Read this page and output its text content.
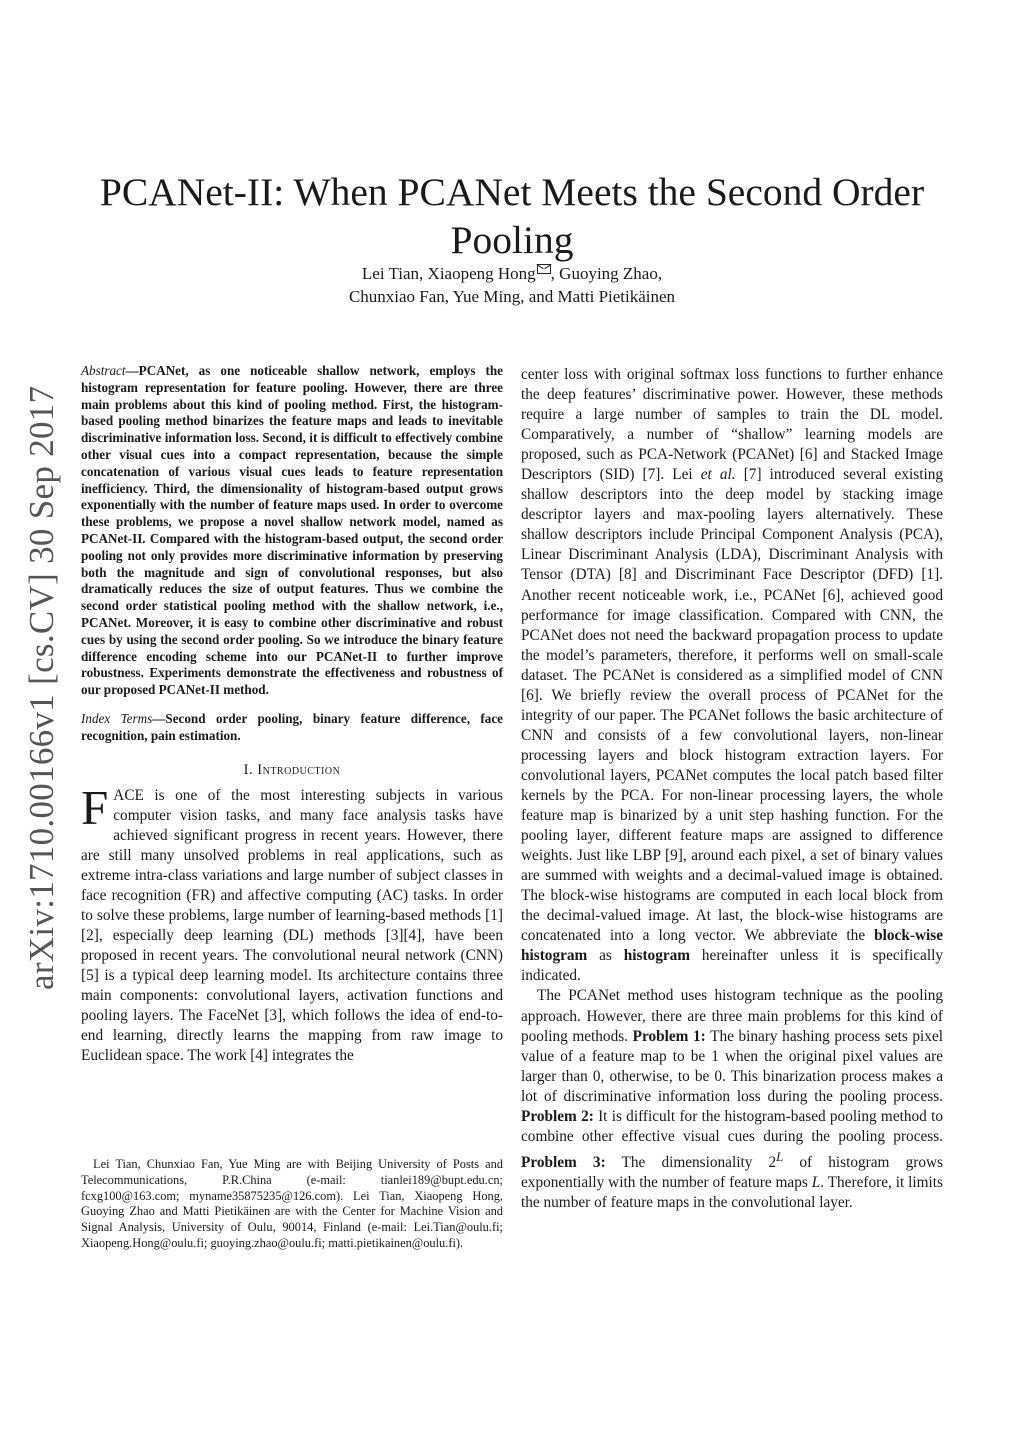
arXiv:1710.00166v1 [cs.CV] 30 Sep 2017
PCANet-II: When PCANet Meets the Second Order Pooling
Lei Tian, Xiaopeng Hong , Guoying Zhao,
Chunxiao Fan, Yue Ming, and Matti Pietikäinen

Abstract—PCANet, as one noticeable shallow network, employs the histogram representation for feature pooling. However, there are three main problems about this kind of pooling method. First, the histogram-based pooling method binarizes the feature maps and leads to inevitable discriminative information loss. Second, it is difficult to effectively combine other visual cues into a compact representation, because the simple concatenation of various visual cues leads to feature representation inefficiency. Third, the dimensionality of histogram-based output grows exponentially with the number of feature maps used. In order to overcome these problems, we propose a novel shallow network model, named as PCANet-II. Compared with the histogram-based output, the second order pooling not only provides more discriminative information by preserving both the magnitude and sign of convolutional responses, but also dramatically reduces the size of output features. Thus we combine the second order statistical pooling method with the shallow network, i.e., PCANet. Moreover, it is easy to combine other discriminative and robust cues by using the second order pooling. So we introduce the binary feature difference encoding scheme into our PCANet-II to further improve robustness. Experiments demonstrate the effectiveness and robustness of our proposed PCANet-II method.

Index Terms—Second order pooling, binary feature difference, face recognition, pain estimation.

I. Introduction

FACE is one of the most interesting subjects in various computer vision tasks, and many face analysis tasks have achieved significant progress in recent years. However, there are still many unsolved problems in real applications, such as extreme intra-class variations and large number of subject classes in face recognition (FR) and affective computing (AC) tasks. In order to solve these problems, large number of learning-based methods [1][2], especially deep learning (DL) methods [3][4], have been proposed in recent years. The convolutional neural network (CNN) [5] is a typical deep learning model. Its architecture contains three main components: convolutional layers, activation functions and pooling layers. The FaceNet [3], which follows the idea of end-to-end learning, directly learns the mapping from raw image to Euclidean space. The work [4] integrates the

Lei Tian, Chunxiao Fan, Yue Ming are with Beijing University of Posts and Telecommunications, P.R.China (e-mail: tianlei189@bupt.edu.cn; fcxg100@163.com; myname35875235@126.com). Lei Tian, Xiaopeng Hong, Guoying Zhao and Matti Pietikäinen are with the Center for Machine Vision and Signal Analysis, University of Oulu, 90014, Finland (e-mail: Lei.Tian@oulu.fi; Xiaopeng.Hong@oulu.fi; guoying.zhao@oulu.fi; matti.pietikainen@oulu.fi).

center loss with original softmax loss functions to further enhance the deep features’ discriminative power. However, these methods require a large number of samples to train the DL model. Comparatively, a number of “shallow” learning models are proposed, such as PCA-Network (PCANet) [6] and Stacked Image Descriptors (SID) [7]. Lei et al. [7] introduced several existing shallow descriptors into the deep model by stacking image descriptor layers and max-pooling layers alternatively. These shallow descriptors include Principal Component Analysis (PCA), Linear Discriminant Analysis (LDA), Discriminant Analysis with Tensor (DTA) [8] and Discriminant Face Descriptor (DFD) [1]. Another recent noticeable work, i.e., PCANet [6], achieved good performance for image classification. Compared with CNN, the PCANet does not need the backward propagation process to update the model’s parameters, therefore, it performs well on small-scale dataset. The PCANet is considered as a simplified model of CNN [6]. We briefly review the overall process of PCANet for the integrity of our paper. The PCANet follows the basic architecture of CNN and consists of a few convolutional layers, non-linear processing layers and block histogram extraction layers. For convolutional layers, PCANet computes the local patch based filter kernels by the PCA. For non-linear processing layers, the whole feature map is binarized by a unit step hashing function. For the pooling layer, different feature maps are assigned to difference weights. Just like LBP [9], around each pixel, a set of binary values are summed with weights and a decimal-valued image is obtained. The block-wise histograms are computed in each local block from the decimal-valued image. At last, the block-wise histograms are concatenated into a long vector. We abbreviate the block-wise histogram as histogram hereinafter unless it is specifically indicated.

The PCANet method uses histogram technique as the pooling approach. However, there are three main problems for this kind of pooling methods. Problem 1: The binary hashing process sets pixel value of a feature map to be 1 when the original pixel values are larger than 0, otherwise, to be 0. This binarization process makes a lot of discriminative information loss during the pooling process. Problem 2: It is difficult for the histogram-based pooling method to combine other effective visual cues during the pooling process. Problem 3: The dimensionality $2^L$ of histogram grows exponentially with the number of feature maps L. Therefore, it limits the number of feature maps in the convolutional layer.
